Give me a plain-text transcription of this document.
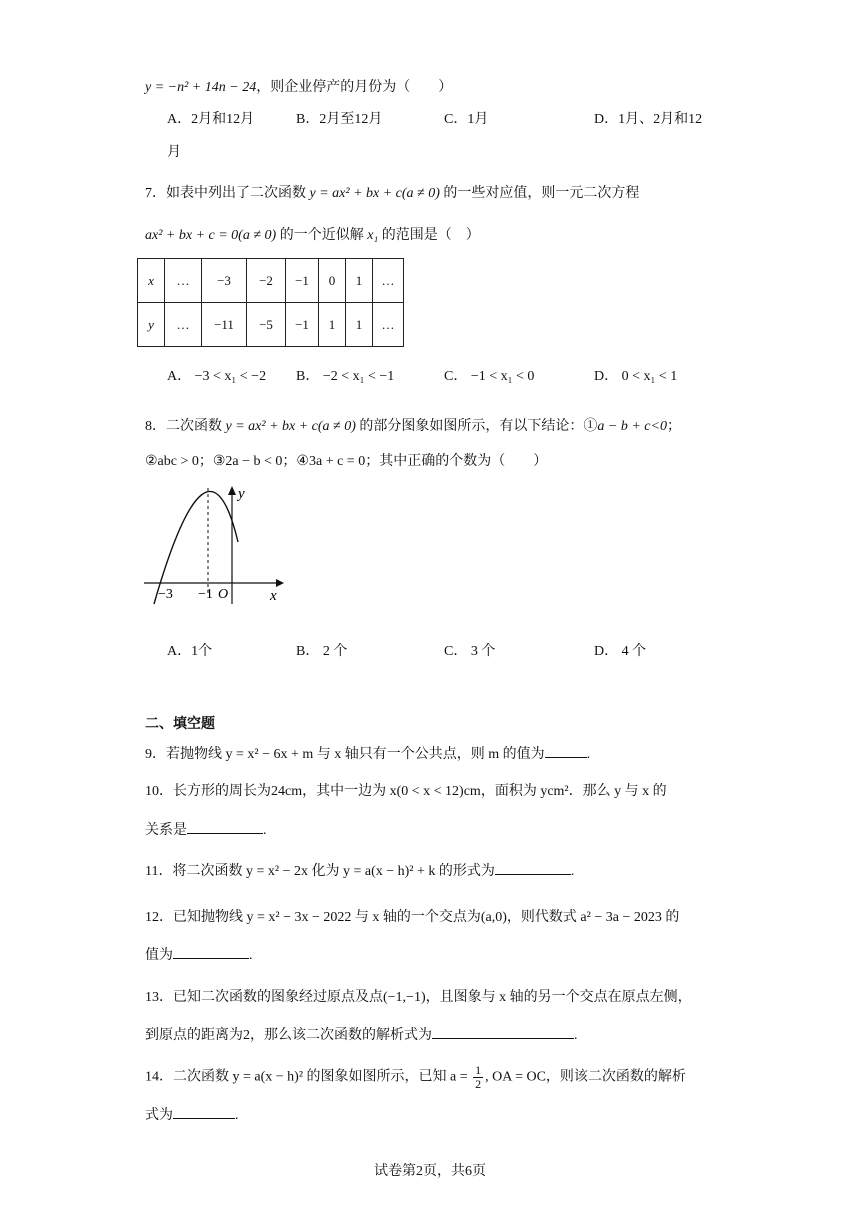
y = −n² + 14n − 24，则企业停产的月份为（　　）
A．2月和12月	B．2月至12月	C．1月	D．1月、2月和12
月
7．如表中列出了二次函数 y = ax² + bx + c(a ≠ 0) 的一些对应值，则一元二次方程
ax² + bx + c = 0(a ≠ 0) 的一个近似解 x₁ 的范围是（　）
x	…	−3	−2	−1	0	1	…
y	…	−11	−5	−1	1	1	…
A． −3 < x₁ < −2 B． −2 < x₁ < −1	C． −1 < x₁ < 0	D． 0 < x₁ < 1
8．二次函数 y = ax² + bx + c(a ≠ 0) 的部分图象如图所示，有以下结论：①a − b + c<0；
②abc > 0；③2a − b < 0；④3a + c = 0；其中正确的个数为（　　）
y
x
−3 −1 O
A．1个	B． 2 个	C． 3 个	D． 4 个
二、填空题
9．若抛物线 y = x² − 6x + m 与 x 轴只有一个公共点，则 m 的值为	.
10．长方形的周长为24cm，其中一边为 x(0 < x < 12)cm，面积为 ycm²．那么 y 与 x 的
关系是	.
11．将二次函数 y = x² − 2x 化为 y = a(x − h)² + k 的形式为	.
12．已知抛物线 y = x² − 3x − 2022 与 x 轴的一个交点为(a,0)，则代数式 a² − 3a − 2023 的
值为	.
13．已知二次函数的图象经过原点及点(−1,−1)，且图象与 x 轴的另一个交点在原点左侧，
到原点的距离为2，那么该二次函数的解析式为	.
14．二次函数 y = a(x − h)² 的图象如图所示，已知 $a = \frac{1}{2}$ , OA = OC，则该二次函数的解析
式为	.
试卷第2页，共6页
